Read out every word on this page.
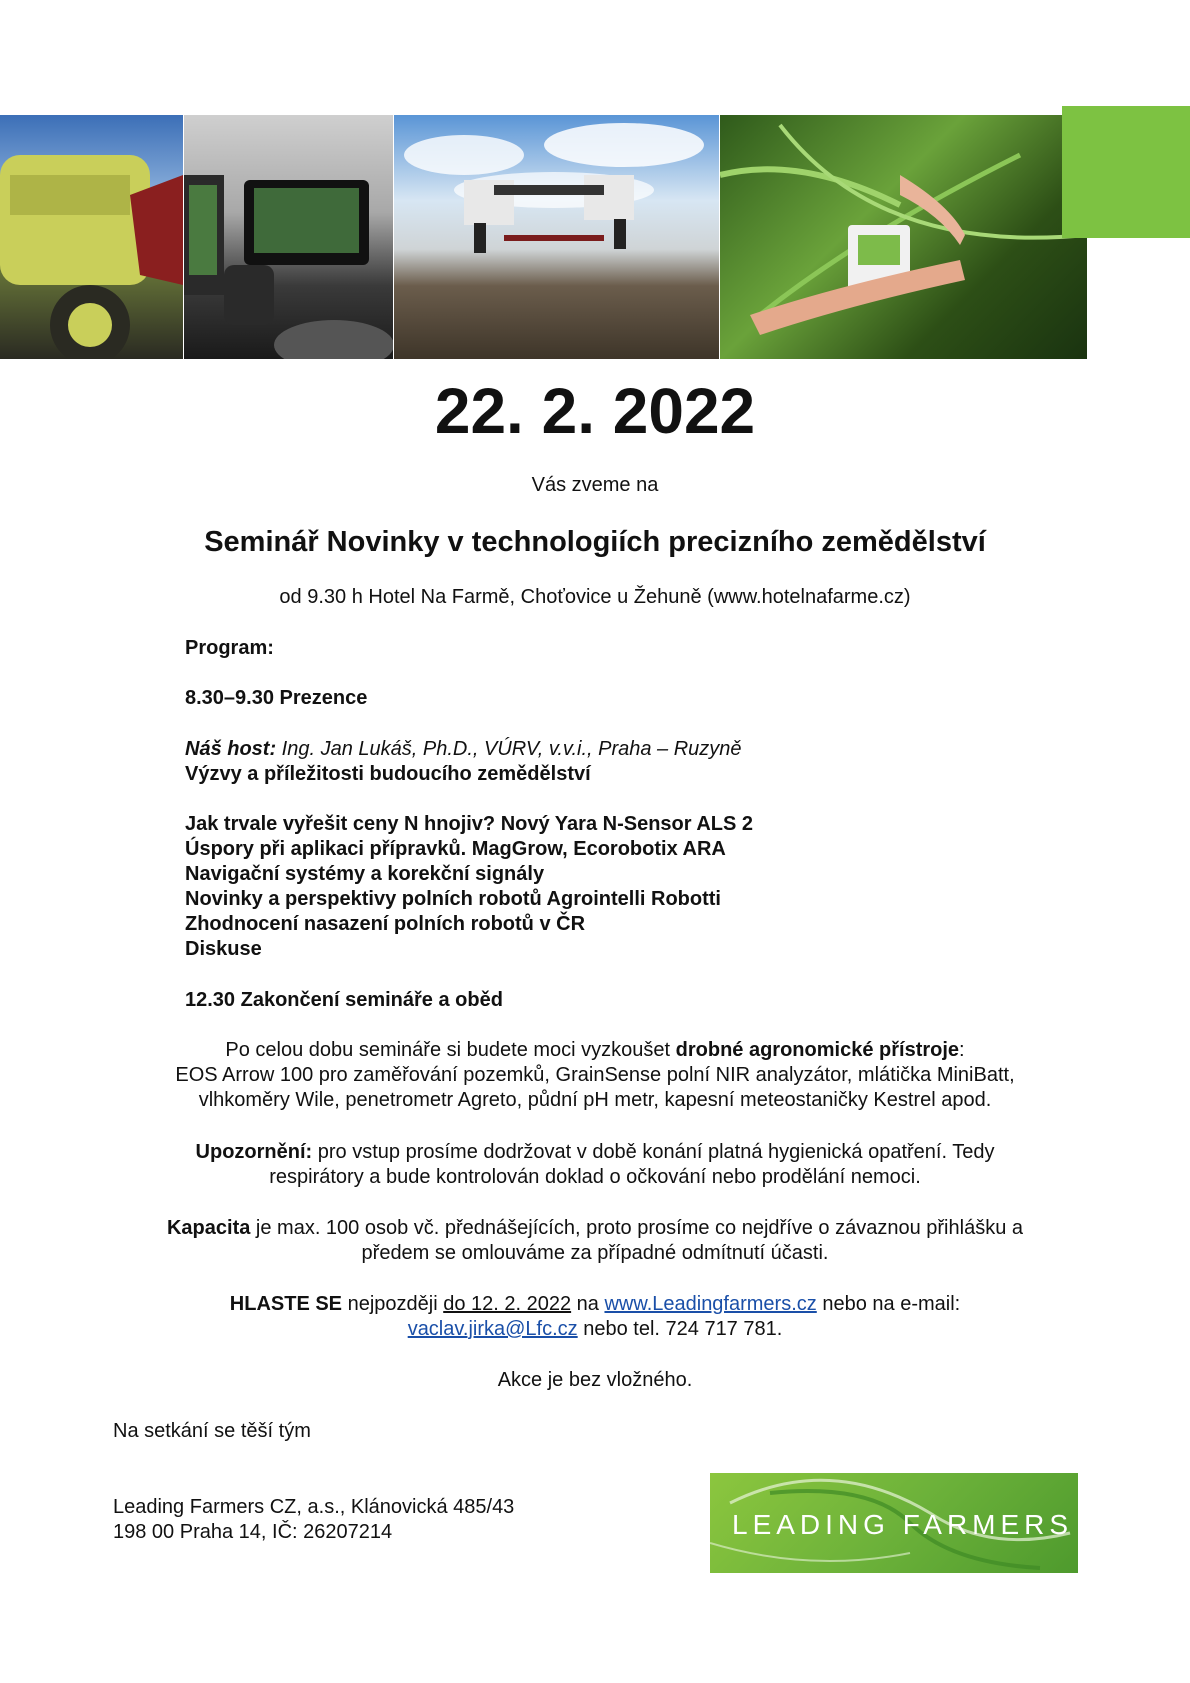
22. 2. 2022
Vás zveme na
Seminář Novinky v technologiích precizního zemědělství
od 9.30 h Hotel Na Farmě, Choťovice u Žehuně (www.hotelnafarme.cz)
Program:
8.30–9.30 Prezence
Náš host: Ing. Jan Lukáš, Ph.D., VÚRV, v.v.i., Praha – Ruzyně
Výzvy a příležitosti budoucího zemědělství
Jak trvale vyřešit ceny N hnojiv? Nový Yara N-Sensor ALS 2
Úspory při aplikaci přípravků. MagGrow, Ecorobotix ARA
Navigační systémy a korekční signály
Novinky a perspektivy polních robotů Agrointelli Robotti
Zhodnocení nasazení polních robotů v ČR
Diskuse
12.30 Zakončení semináře a oběd
Po celou dobu semináře si budete moci vyzkoušet drobné agronomické přístroje:
EOS Arrow 100 pro zaměřování pozemků, GrainSense polní NIR analyzátor, mlátička MiniBatt,
vlhkoměry Wile, penetrometr Agreto, půdní pH metr, kapesní meteostaničky Kestrel apod.
Upozornění: pro vstup prosíme dodržovat v době konání platná hygienická opatření. Tedy
respirátory a bude kontrolován doklad o očkování nebo prodělání nemoci.
Kapacita je max. 100 osob vč. přednášejících, proto prosíme co nejdříve o závaznou přihlášku a
předem se omlouváme za případné odmítnutí účasti.
HLASTE SE nejpozději do 12. 2. 2022 na www.Leadingfarmers.cz nebo na e-mail:
vaclav.jirka@Lfc.cz nebo tel. 724 717 781.
Akce je bez vložného.
Na setkání se těší tým
Leading Farmers CZ, a.s., Klánovická 485/43
198 00 Praha 14, IČ: 26207214	LEADING FARMERS
